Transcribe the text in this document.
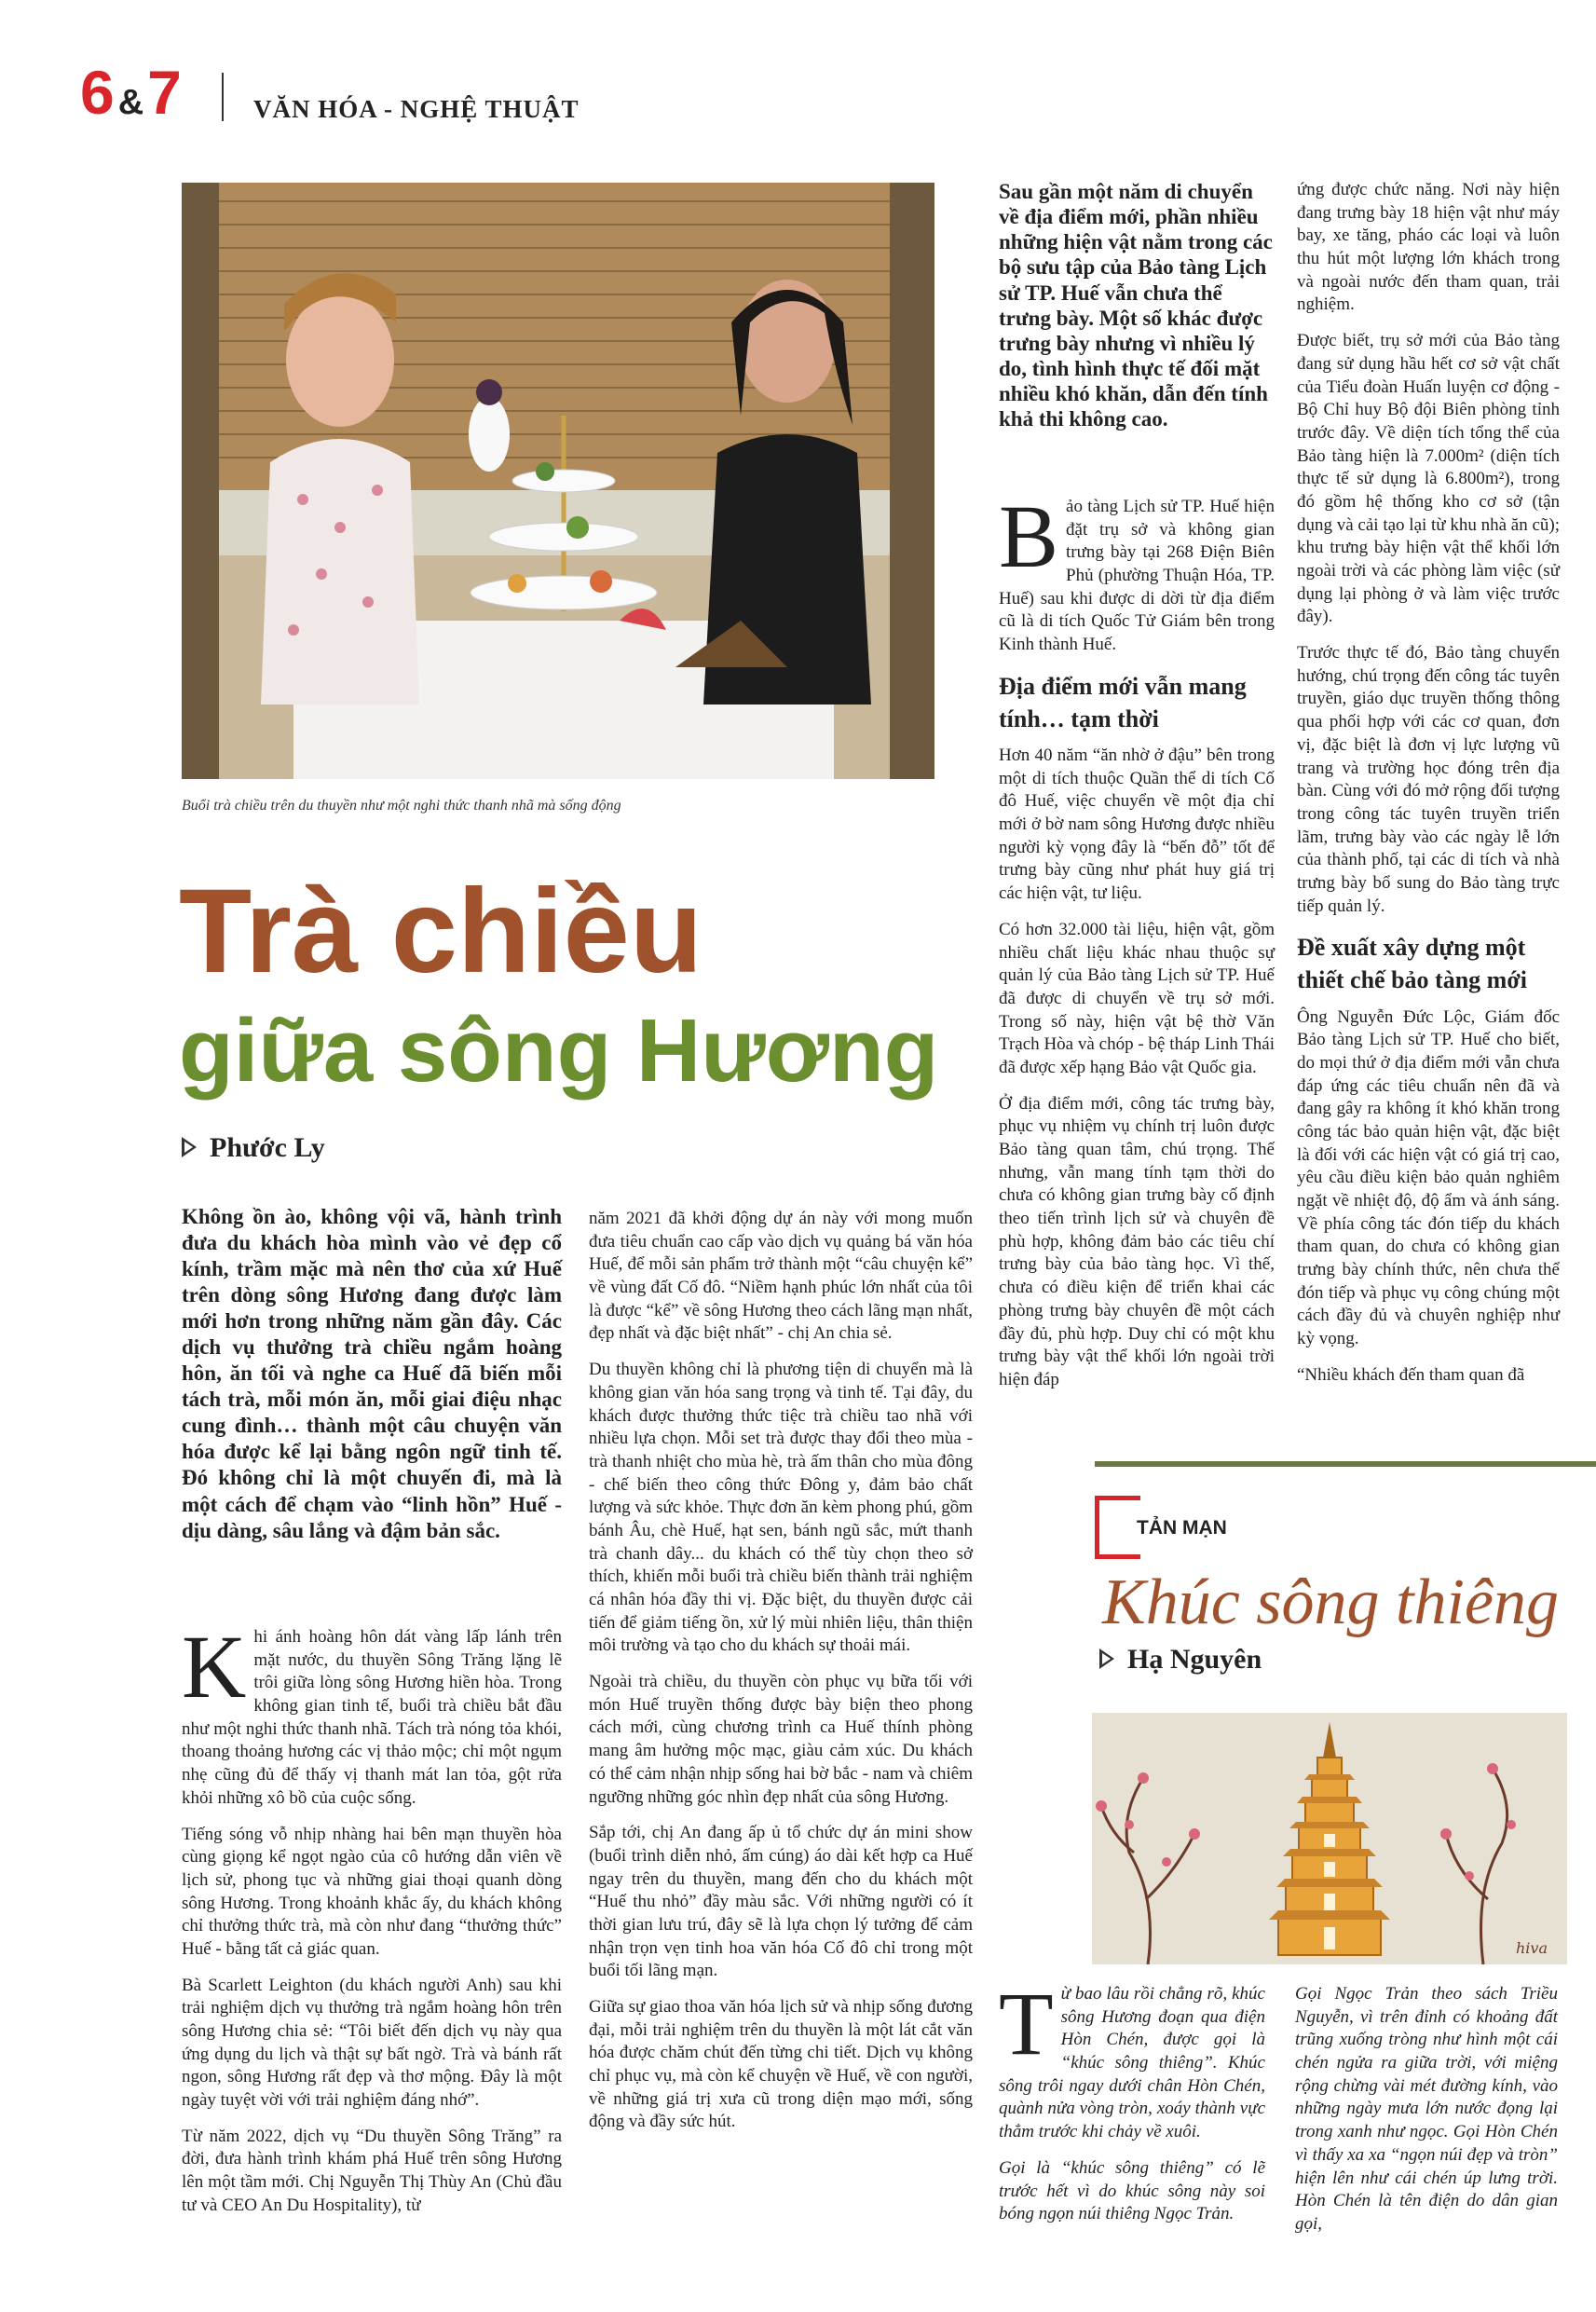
6 &7	VĂN HÓA - NGHỆ THUẬT
Buổi trà chiều trên du thuyền như một nghi thức thanh nhã mà sống động
Trà chiều
giữa sông Hương
Phước Ly
Không ồn ào, không vội vã, hành trình đưa du khách hòa mình vào vẻ đẹp cổ kính, trầm mặc mà nên thơ của xứ Huế trên dòng sông Hương đang được làm mới hơn trong những năm gần đây. Các dịch vụ thưởng trà chiều ngắm hoàng hôn, ăn tối và nghe ca Huế đã biến mỗi tách trà, mỗi món ăn, mỗi giai điệu nhạc cung đình… thành một câu chuyện văn hóa được kể lại bằng ngôn ngữ tinh tế. Đó không chỉ là một chuyến đi, mà là một cách để chạm vào “linh hồn” Huế - dịu dàng, sâu lắng và đậm bản sắc.

Khi ánh hoàng hôn dát vàng lấp lánh trên mặt nước, du thuyền Sông Trăng lặng lẽ trôi giữa lòng sông Hương hiền hòa. Trong không gian tinh tế, buổi trà chiều bắt đầu như một nghi thức thanh nhã. Tách trà nóng tỏa khói, thoang thoảng hương các vị thảo mộc; chỉ một ngụm nhẹ cũng đủ để thấy vị thanh mát lan tỏa, gột rửa khỏi những xô bồ của cuộc sống.

Tiếng sóng vỗ nhịp nhàng hai bên mạn thuyền hòa cùng giọng kể ngọt ngào của cô hướng dẫn viên về lịch sử, phong tục và những giai thoại quanh dòng sông Hương. Trong khoảnh khắc ấy, du khách không chỉ thưởng thức trà, mà còn như đang “thưởng thức” Huế - bằng tất cả giác quan.

Bà Scarlett Leighton (du khách người Anh) sau khi trải nghiệm dịch vụ thưởng trà ngắm hoàng hôn trên sông Hương chia sẻ: “Tôi biết đến dịch vụ này qua ứng dụng du lịch và thật sự bất ngờ. Trà và bánh rất ngon, sông Hương rất đẹp và thơ mộng. Đây là một ngày tuyệt vời với trải nghiệm đáng nhớ”.

Từ năm 2022, dịch vụ “Du thuyền Sông Trăng” ra đời, đưa hành trình khám phá Huế trên sông Hương lên một tầm mới. Chị Nguyễn Thị Thùy An (Chủ đầu tư và CEO An Du Hospitality), từ

năm 2021 đã khởi động dự án này với mong muốn đưa tiêu chuẩn cao cấp vào dịch vụ quảng bá văn hóa Huế, để mỗi sản phẩm trở thành một “câu chuyện kể” về vùng đất Cố đô. “Niềm hạnh phúc lớn nhất của tôi là được “kể” về sông Hương theo cách lãng mạn nhất, đẹp nhất và đặc biệt nhất” - chị An chia sẻ.

Du thuyền không chỉ là phương tiện di chuyển mà là không gian văn hóa sang trọng và tinh tế. Tại đây, du khách được thưởng thức tiệc trà chiều tao nhã với nhiều lựa chọn. Mỗi set trà được thay đổi theo mùa - trà thanh nhiệt cho mùa hè, trà ấm thân cho mùa đông - chế biến theo công thức Đông y, đảm bảo chất lượng và sức khỏe. Thực đơn ăn kèm phong phú, gồm bánh Âu, chè Huế, hạt sen, bánh ngũ sắc, mứt thanh trà chanh dây... du khách có thể tùy chọn theo sở thích, khiến mỗi buổi trà chiều biến thành trải nghiệm cá nhân hóa đầy thi vị. Đặc biệt, du thuyền được cải tiến để giảm tiếng ồn, xử lý mùi nhiên liệu, thân thiện môi trường và tạo cho du khách sự thoải mái.

Ngoài trà chiều, du thuyền còn phục vụ bữa tối với món Huế truyền thống được bày biện theo phong cách mới, cùng chương trình ca Huế thính phòng mang âm hưởng mộc mạc, giàu cảm xúc. Du khách có thể cảm nhận nhịp sống hai bờ bắc - nam và chiêm ngưỡng những góc nhìn đẹp nhất của sông Hương.

Sắp tới, chị An đang ấp ủ tổ chức dự án mini show (buổi trình diễn nhỏ, ấm cúng) áo dài kết hợp ca Huế ngay trên du thuyền, mang đến cho du khách một “Huế thu nhỏ” đầy màu sắc. Với những người có ít thời gian lưu trú, đây sẽ là lựa chọn lý tưởng để cảm nhận trọn vẹn tinh hoa văn hóa Cố đô chỉ trong một buổi tối lãng mạn.

Giữa sự giao thoa văn hóa lịch sử và nhịp sống đương đại, mỗi trải nghiệm trên du thuyền là một lát cắt văn hóa được chăm chút đến từng chi tiết. Dịch vụ không chỉ phục vụ, mà còn kể chuyện về Huế, về con người, về những giá trị xưa cũ trong diện mạo mới, sống động và đầy sức hút.

Sau gần một năm di chuyển về địa điểm mới, phần nhiều những hiện vật nằm trong các bộ sưu tập của Bảo tàng Lịch sử TP. Huế vẫn chưa thể trưng bày. Một số khác được trưng bày nhưng vì nhiều lý do, tình hình thực tế đối mặt nhiều khó khăn, dẫn đến tính khả thi không cao.

Bảo tàng Lịch sử TP. Huế hiện đặt trụ sở và không gian trưng bày tại 268 Điện Biên Phủ (phường Thuận Hóa, TP. Huế) sau khi được di dời từ địa điểm cũ là di tích Quốc Tử Giám bên trong Kinh thành Huế.

Địa điểm mới vẫn mang tính… tạm thời

Hơn 40 năm “ăn nhờ ở đậu” bên trong một di tích thuộc Quần thể di tích Cố đô Huế, việc chuyển về một địa chỉ mới ở bờ nam sông Hương được nhiều người kỳ vọng đây là “bến đỗ” tốt để trưng bày cũng như phát huy giá trị các hiện vật, tư liệu.

Có hơn 32.000 tài liệu, hiện vật, gồm nhiều chất liệu khác nhau thuộc sự quản lý của Bảo tàng Lịch sử TP. Huế đã được di chuyển về trụ sở mới. Trong số này, hiện vật bệ thờ Văn Trạch Hòa và chóp - bệ tháp Linh Thái đã được xếp hạng Bảo vật Quốc gia.

Ở địa điểm mới, công tác trưng bày, phục vụ nhiệm vụ chính trị luôn được Bảo tàng quan tâm, chú trọng. Thế nhưng, vẫn mang tính tạm thời do chưa có không gian trưng bày cố định theo tiến trình lịch sử và chuyên đề phù hợp, không đảm bảo các tiêu chí trưng bày của bảo tàng học. Vì thế, chưa có điều kiện để triển khai các phòng trưng bày chuyên đề một cách đầy đủ, phù hợp. Duy chỉ có một khu trưng bày vật thể khối lớn ngoài trời hiện đáp

ứng được chức năng. Nơi này hiện đang trưng bày 18 hiện vật như máy bay, xe tăng, pháo các loại và luôn thu hút một lượng lớn khách trong và ngoài nước đến tham quan, trải nghiệm.

Được biết, trụ sở mới của Bảo tàng đang sử dụng hầu hết cơ sở vật chất của Tiểu đoàn Huấn luyện cơ động - Bộ Chỉ huy Bộ đội Biên phòng tỉnh trước đây. Về diện tích tổng thể của Bảo tàng hiện là 7.000m² (diện tích thực tế sử dụng là 6.800m²), trong đó gồm hệ thống kho cơ sở (tận dụng và cải tạo lại từ khu nhà ăn cũ); khu trưng bày hiện vật thể khối lớn ngoài trời và các phòng làm việc (sử dụng lại phòng ở và làm việc trước đây).

Trước thực tế đó, Bảo tàng chuyển hướng, chú trọng đến công tác tuyên truyền, giáo dục truyền thống thông qua phối hợp với các cơ quan, đơn vị, đặc biệt là đơn vị lực lượng vũ trang và trường học đóng trên địa bàn. Cùng với đó mở rộng đối tượng trong công tác tuyên truyền triển lãm, trưng bày vào các ngày lễ lớn của thành phố, tại các di tích và nhà trưng bày bổ sung do Bảo tàng trực tiếp quản lý.

Đề xuất xây dựng một thiết chế bảo tàng mới

Ông Nguyễn Đức Lộc, Giám đốc Bảo tàng Lịch sử TP. Huế cho biết, do mọi thứ ở địa điểm mới vẫn chưa đáp ứng các tiêu chuẩn nên đã và đang gây ra không ít khó khăn trong công tác bảo quản hiện vật, đặc biệt là đối với các hiện vật có giá trị cao, yêu cầu điều kiện bảo quản nghiêm ngặt về nhiệt độ, độ ẩm và ánh sáng. Về phía công tác đón tiếp du khách tham quan, do chưa có không gian trưng bày chính thức, nên chưa thể đón tiếp và phục vụ công chúng một cách đầy đủ và chuyên nghiệp như kỳ vọng.

“Nhiều khách đến tham quan đã

TẢN MẠN
Khúc sông thiêng
Hạ Nguyên
hiva

Từ bao lâu rồi chẳng rõ, khúc sông Hương đoạn qua điện Hòn Chén, được gọi là “khúc sông thiêng”. Khúc sông trôi ngay dưới chân Hòn Chén, quành nửa vòng tròn, xoáy thành vực thẳm trước khi chảy về xuôi.

Gọi là “khúc sông thiêng” có lẽ trước hết vì do khúc sông này soi bóng ngọn núi thiêng Ngọc Trản.

Gọi Ngọc Trản theo sách Triều Nguyễn, vì trên đỉnh có khoảng đất trũng xuống tròng như hình một cái chén ngửa ra giữa trời, với miệng rộng chừng vài mét đường kính, vào những ngày mưa lớn nước đọng lại trong xanh như ngọc. Gọi Hòn Chén vì thấy xa xa “ngọn núi đẹp và tròn” hiện lên như cái chén úp lưng trời. Hòn Chén là tên điện do dân gian gọi,
